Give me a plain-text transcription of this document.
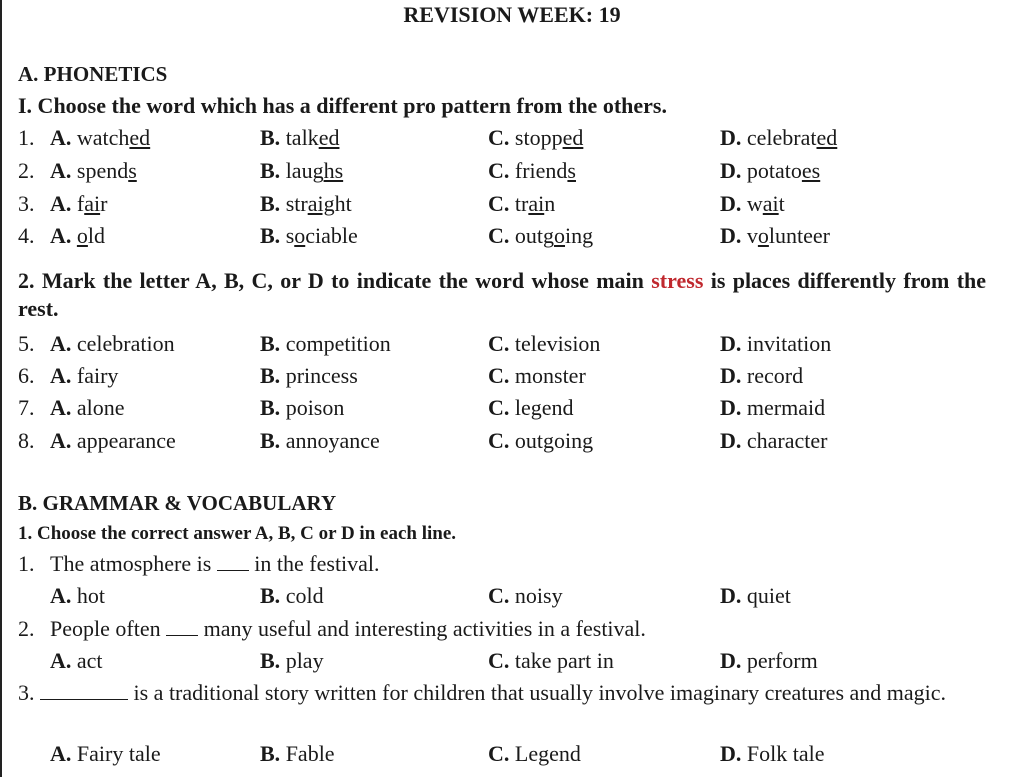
REVISION WEEK: 19
A. PHONETICS
I. Choose the word which has a different pro pattern from the others.
1. A. watched	B. talked	C. stopped	D. celebrated
2. A. spends	B. laughs	C. friends	D. potatoes
3. A. fair	B. straight	C. train	D. wait
4. A. old	B. sociable	C. outgoing	D. volunteer
2. Mark the letter A, B, C, or D to indicate the word whose main stress is places differently from the rest.
5. A. celebration	B. competition	C. television	D. invitation
6. A. fairy	B. princess	C. monster	D. record
7. A. alone	B. poison	C. legend	D. mermaid
8. A. appearance	B. annoyance	C. outgoing	D. character
B. GRAMMAR & VOCABULARY
1. Choose the correct answer A, B, C or D in each line.
1. The atmosphere is in the festival.
A. hot	B. cold	C. noisy	D. quiet
2. People often many useful and interesting activities in a festival.
A. act	B. play	C. take part in	D. perform
3.	is a traditional story written for children that usually involve imaginary creatures and magic.
A. Fairy tale	B. Fable	C. Legend	D. Folk tale
